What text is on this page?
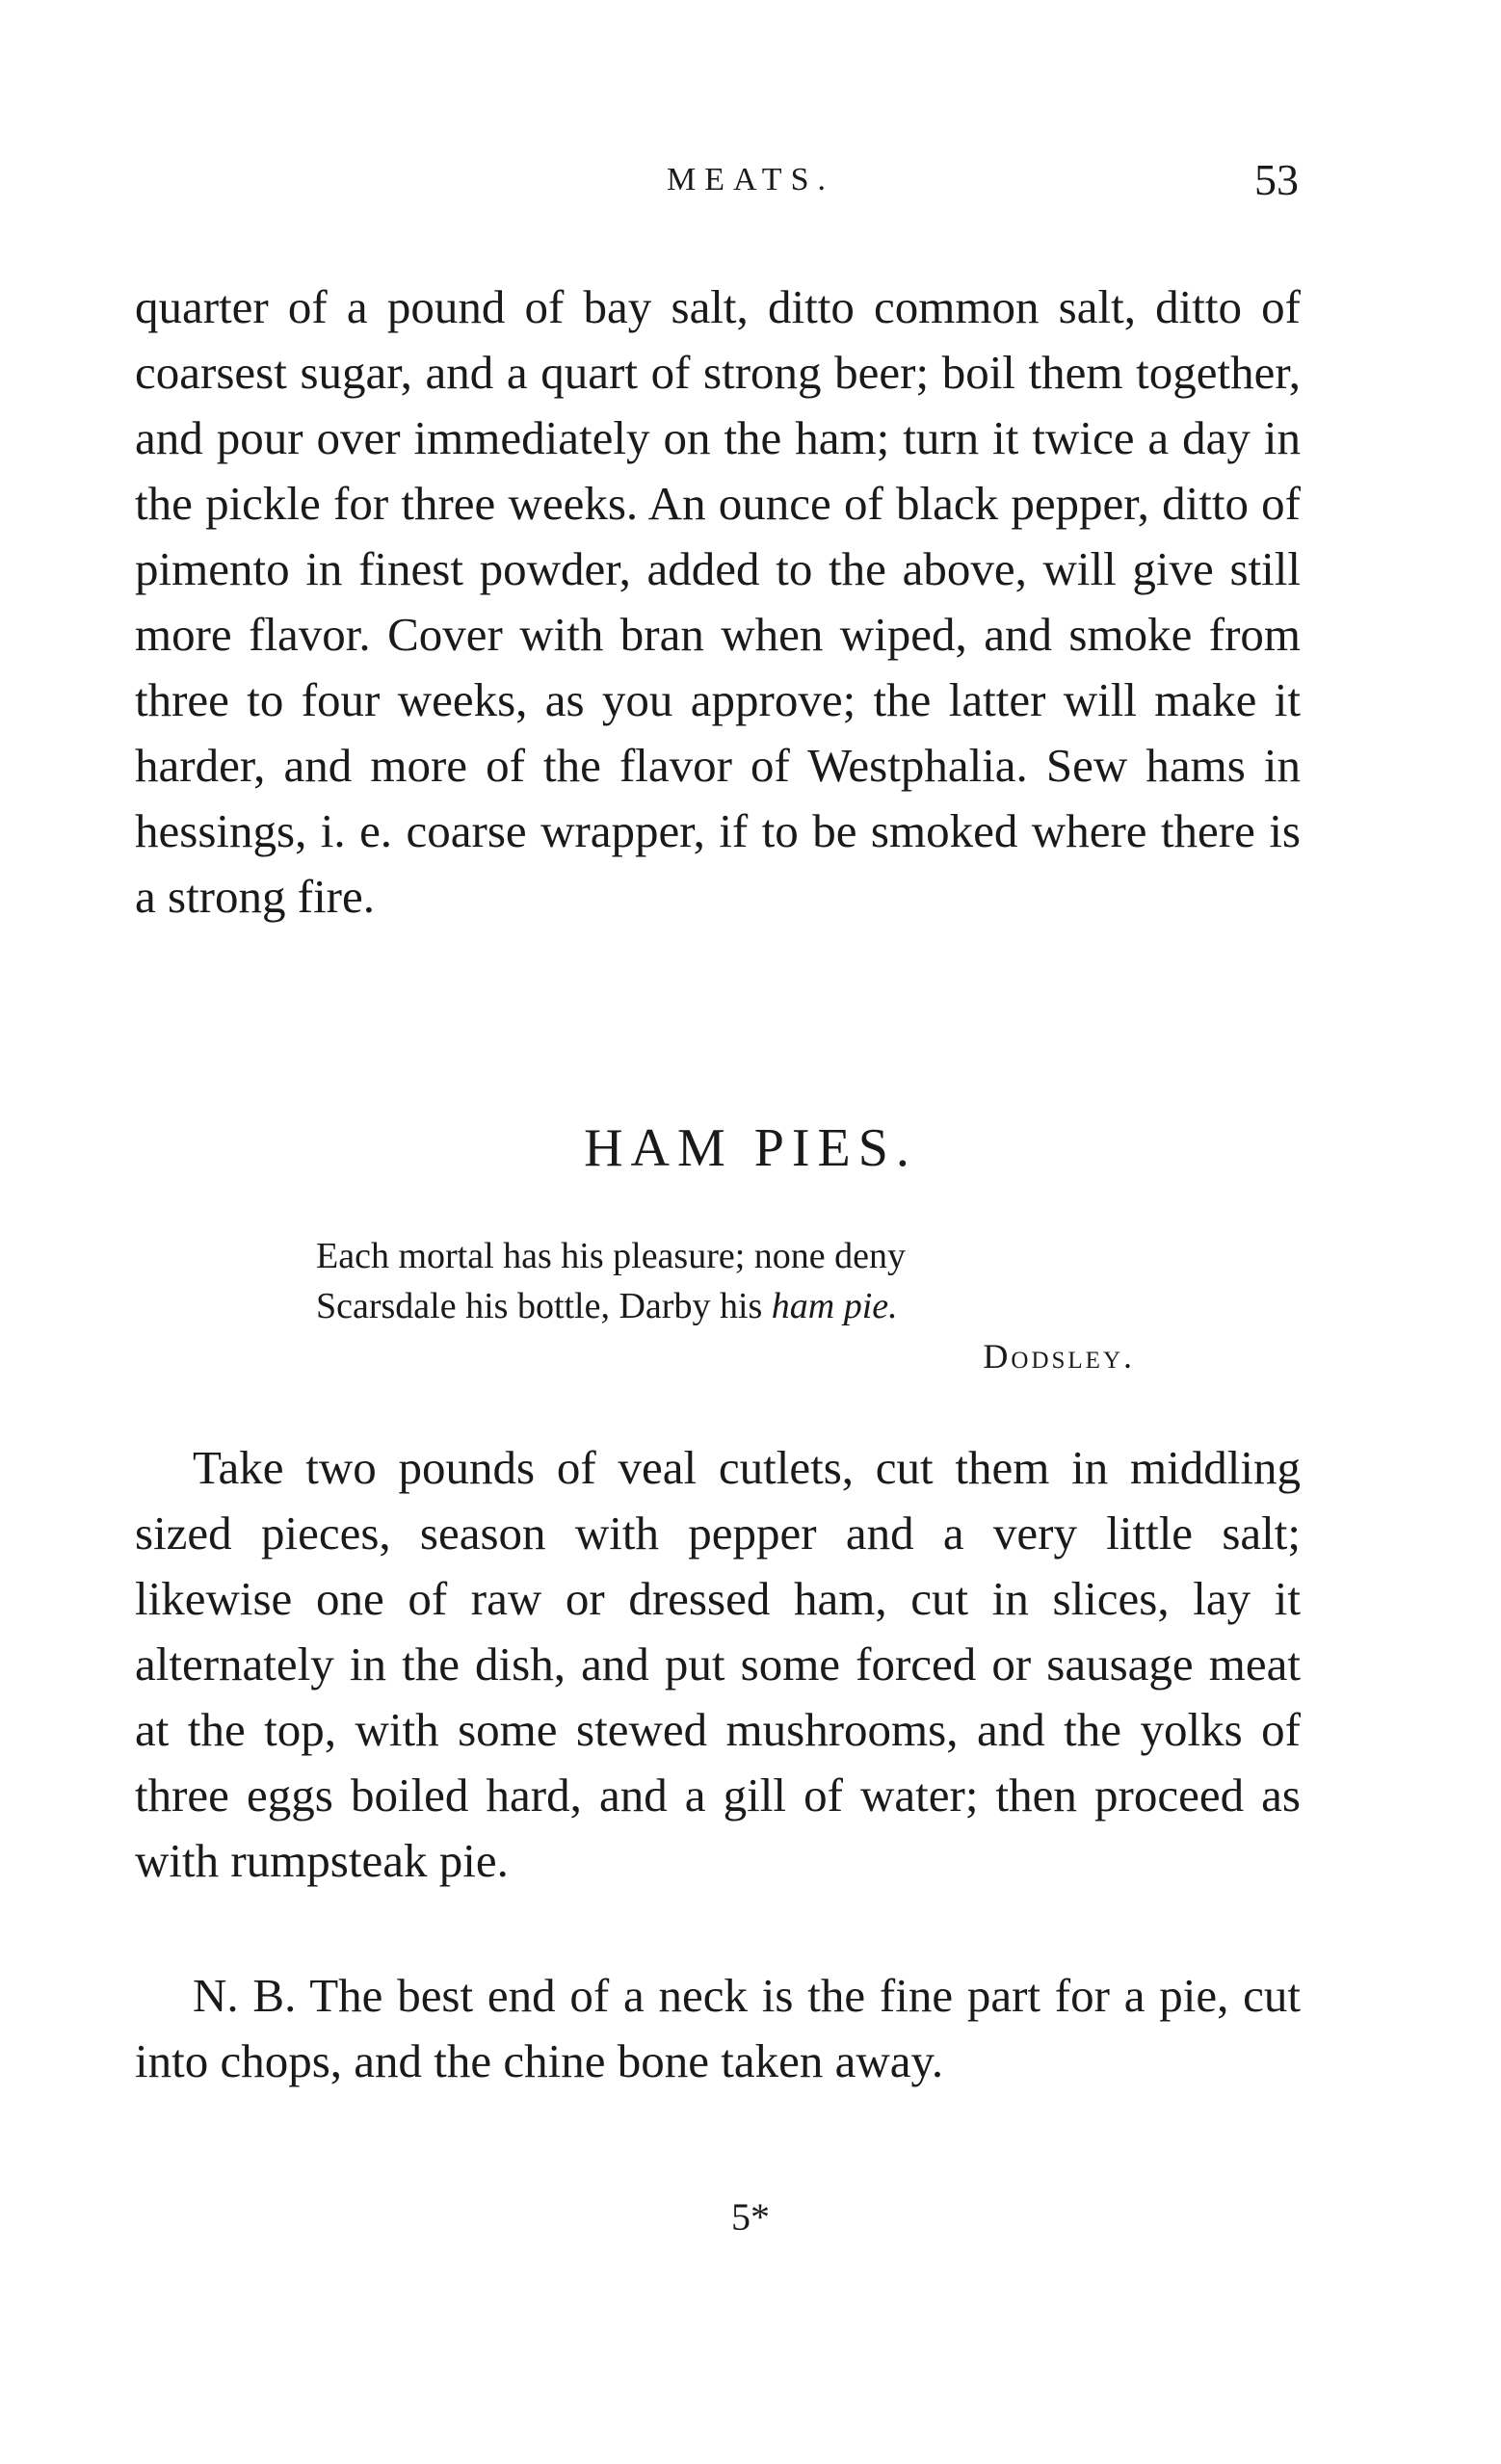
MEATS.	53

quarter of a pound of bay salt, ditto common salt, ditto of coarsest sugar, and a quart of strong beer; boil them together, and pour over immediately on the ham; turn it twice a day in the pickle for three weeks. An ounce of black pepper, ditto of pimento in finest powder, added to the above, will give still more flavor. Cover with bran when wiped, and smoke from three to four weeks, as you approve; the latter will make it harder, and more of the flavor of Westphalia. Sew hams in hessings, i. e. coarse wrapper, if to be smoked where there is a strong fire.

HAM PIES.
Each mortal has his pleasure; none deny
Scarsdale his bottle, Darby his ham pie.
Dodsley.

Take two pounds of veal cutlets, cut them in middling sized pieces, season with pepper and a very little salt; likewise one of raw or dressed ham, cut in slices, lay it alternately in the dish, and put some forced or sausage meat at the top, with some stewed mushrooms, and the yolks of three eggs boiled hard, and a gill of water; then proceed as with rumpsteak pie.

N. B. The best end of a neck is the fine part for a pie, cut into chops, and the chine bone taken away.

5*
